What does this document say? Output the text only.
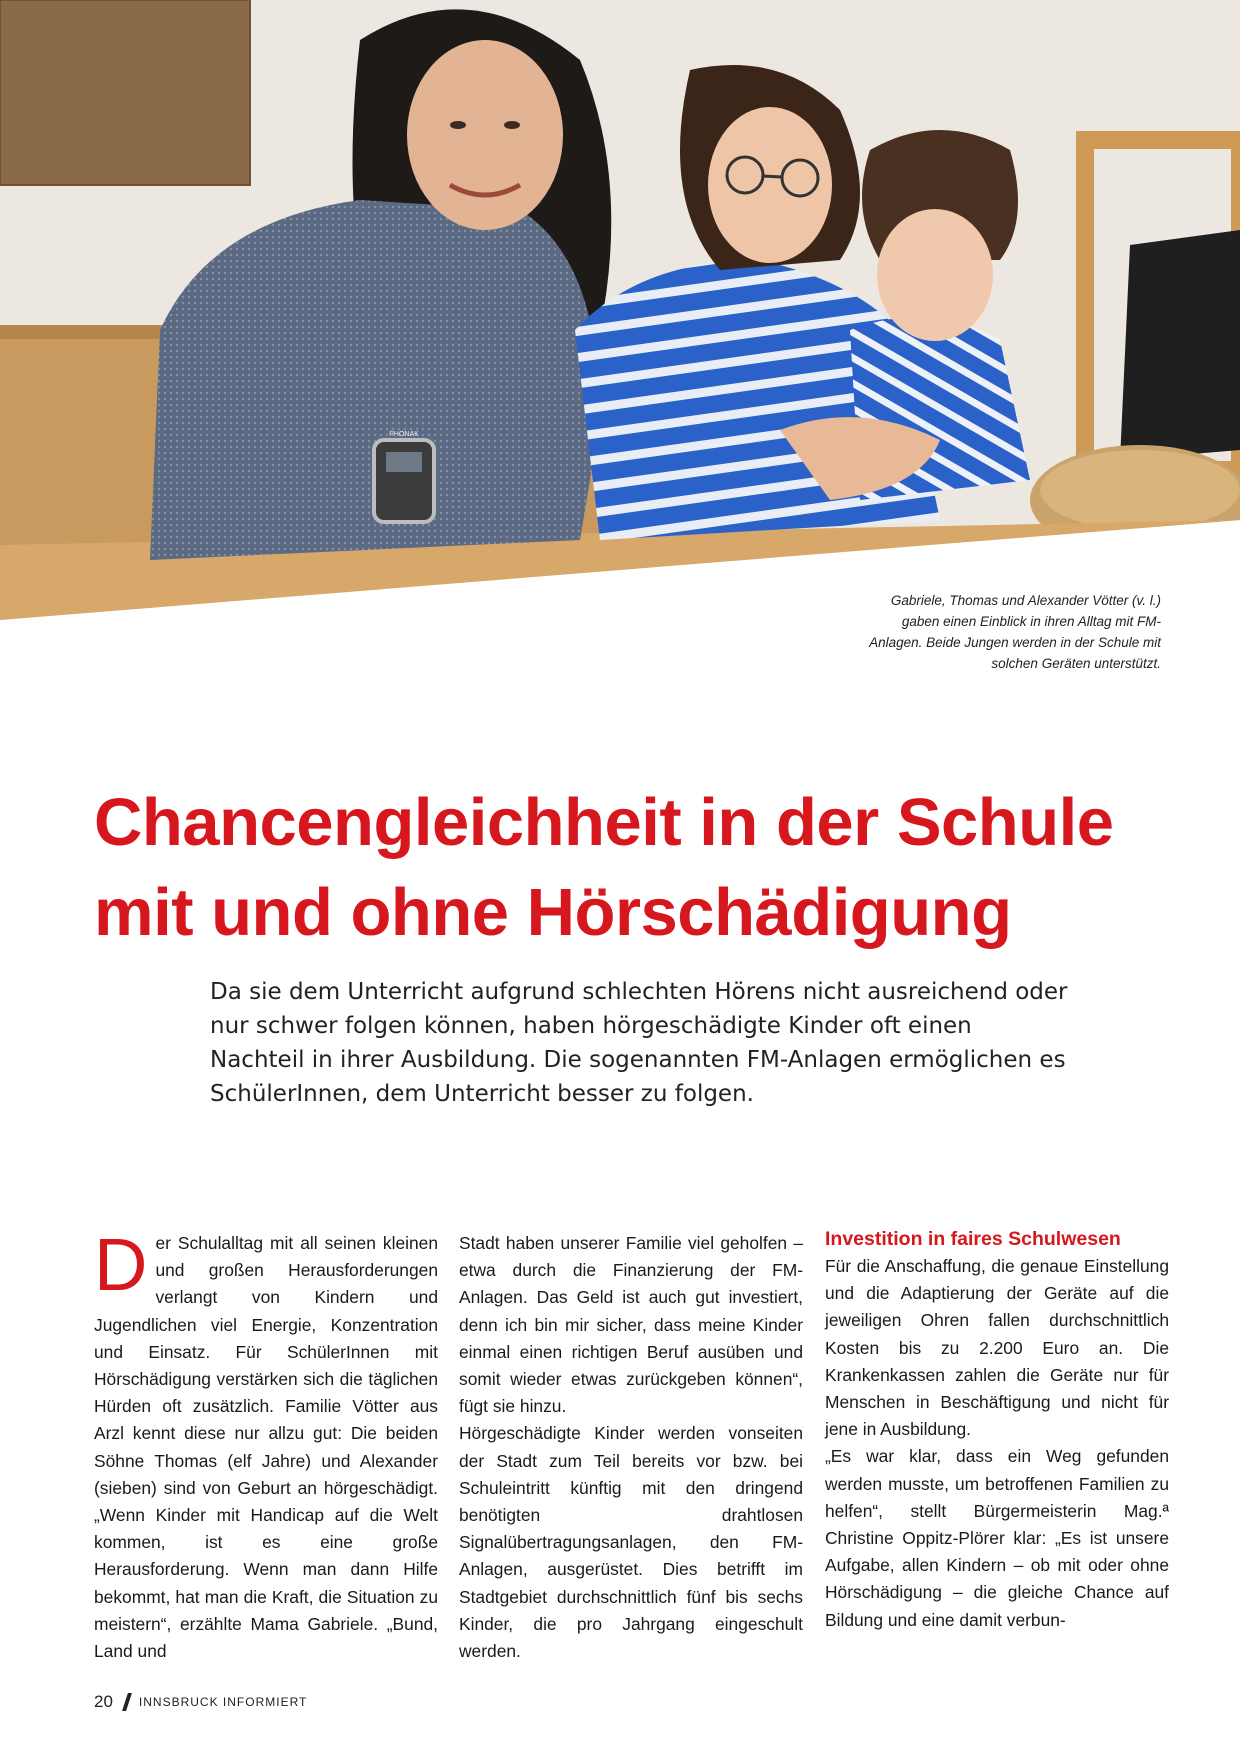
PHONAK
Gabriele, Thomas und Alexander Vötter (v. l.) gaben einen Einblick in ihren Alltag mit FM-Anlagen. Beide Jungen werden in der Schule mit solchen Geräten unterstützt.
Chancengleichheit in der Schule
mit und ohne Hörschädigung

Da sie dem Unterricht aufgrund schlechten Hörens nicht ausreichend oder nur schwer folgen können, haben hörgeschädigte Kinder oft einen Nachteil in ihrer Ausbildung. Die sogenannten FM-Anlagen ermöglichen es SchülerInnen, dem Unterricht besser zu folgen.

Der Schulalltag mit all seinen kleinen und großen Herausforderungen verlangt von Kindern und Jugendlichen viel Energie, Konzentration und Einsatz. Für SchülerInnen mit Hörschädigung verstärken sich die täglichen Hürden oft zusätzlich. Familie Vötter aus Arzl kennt diese nur allzu gut: Die beiden Söhne Thomas (elf Jahre) und Alexander (sieben) sind von Geburt an hörgeschädigt. „Wenn Kinder mit Handicap auf die Welt kommen, ist es eine große Herausforderung. Wenn man dann Hilfe bekommt, hat man die Kraft, die Situation zu meistern“, erzählte Mama Gabriele. „Bund, Land und

Stadt haben unserer Familie viel geholfen – etwa durch die Finanzierung der FM-Anlagen. Das Geld ist auch gut investiert, denn ich bin mir sicher, dass meine Kinder einmal einen richtigen Beruf ausüben und somit wieder etwas zurückgeben können“, fügt sie hinzu.

Hörgeschädigte Kinder werden vonseiten der Stadt zum Teil bereits vor bzw. bei Schuleintritt künftig mit den dringend benötigten drahtlosen Signalübertragungsanlagen, den FM-Anlagen, ausgerüstet. Dies betrifft im Stadtgebiet durchschnittlich fünf bis sechs Kinder, die pro Jahrgang eingeschult werden.

Investition in faires Schulwesen

Für die Anschaffung, die genaue Einstellung und die Adaptierung der Geräte auf die jeweiligen Ohren fallen durchschnittlich Kosten bis zu 2.200 Euro an. Die Krankenkassen zahlen die Geräte nur für Menschen in Beschäftigung und nicht für jene in Ausbildung.

„Es war klar, dass ein Weg gefunden werden musste, um betroffenen Familien zu helfen“, stellt Bürgermeisterin Mag.ª Christine Oppitz-Plörer klar: „Es ist unsere Aufgabe, allen Kindern – ob mit oder ohne Hörschädigung – die gleiche Chance auf Bildung und eine damit verbun-

20 INNSBRUCK INFORMIERT
